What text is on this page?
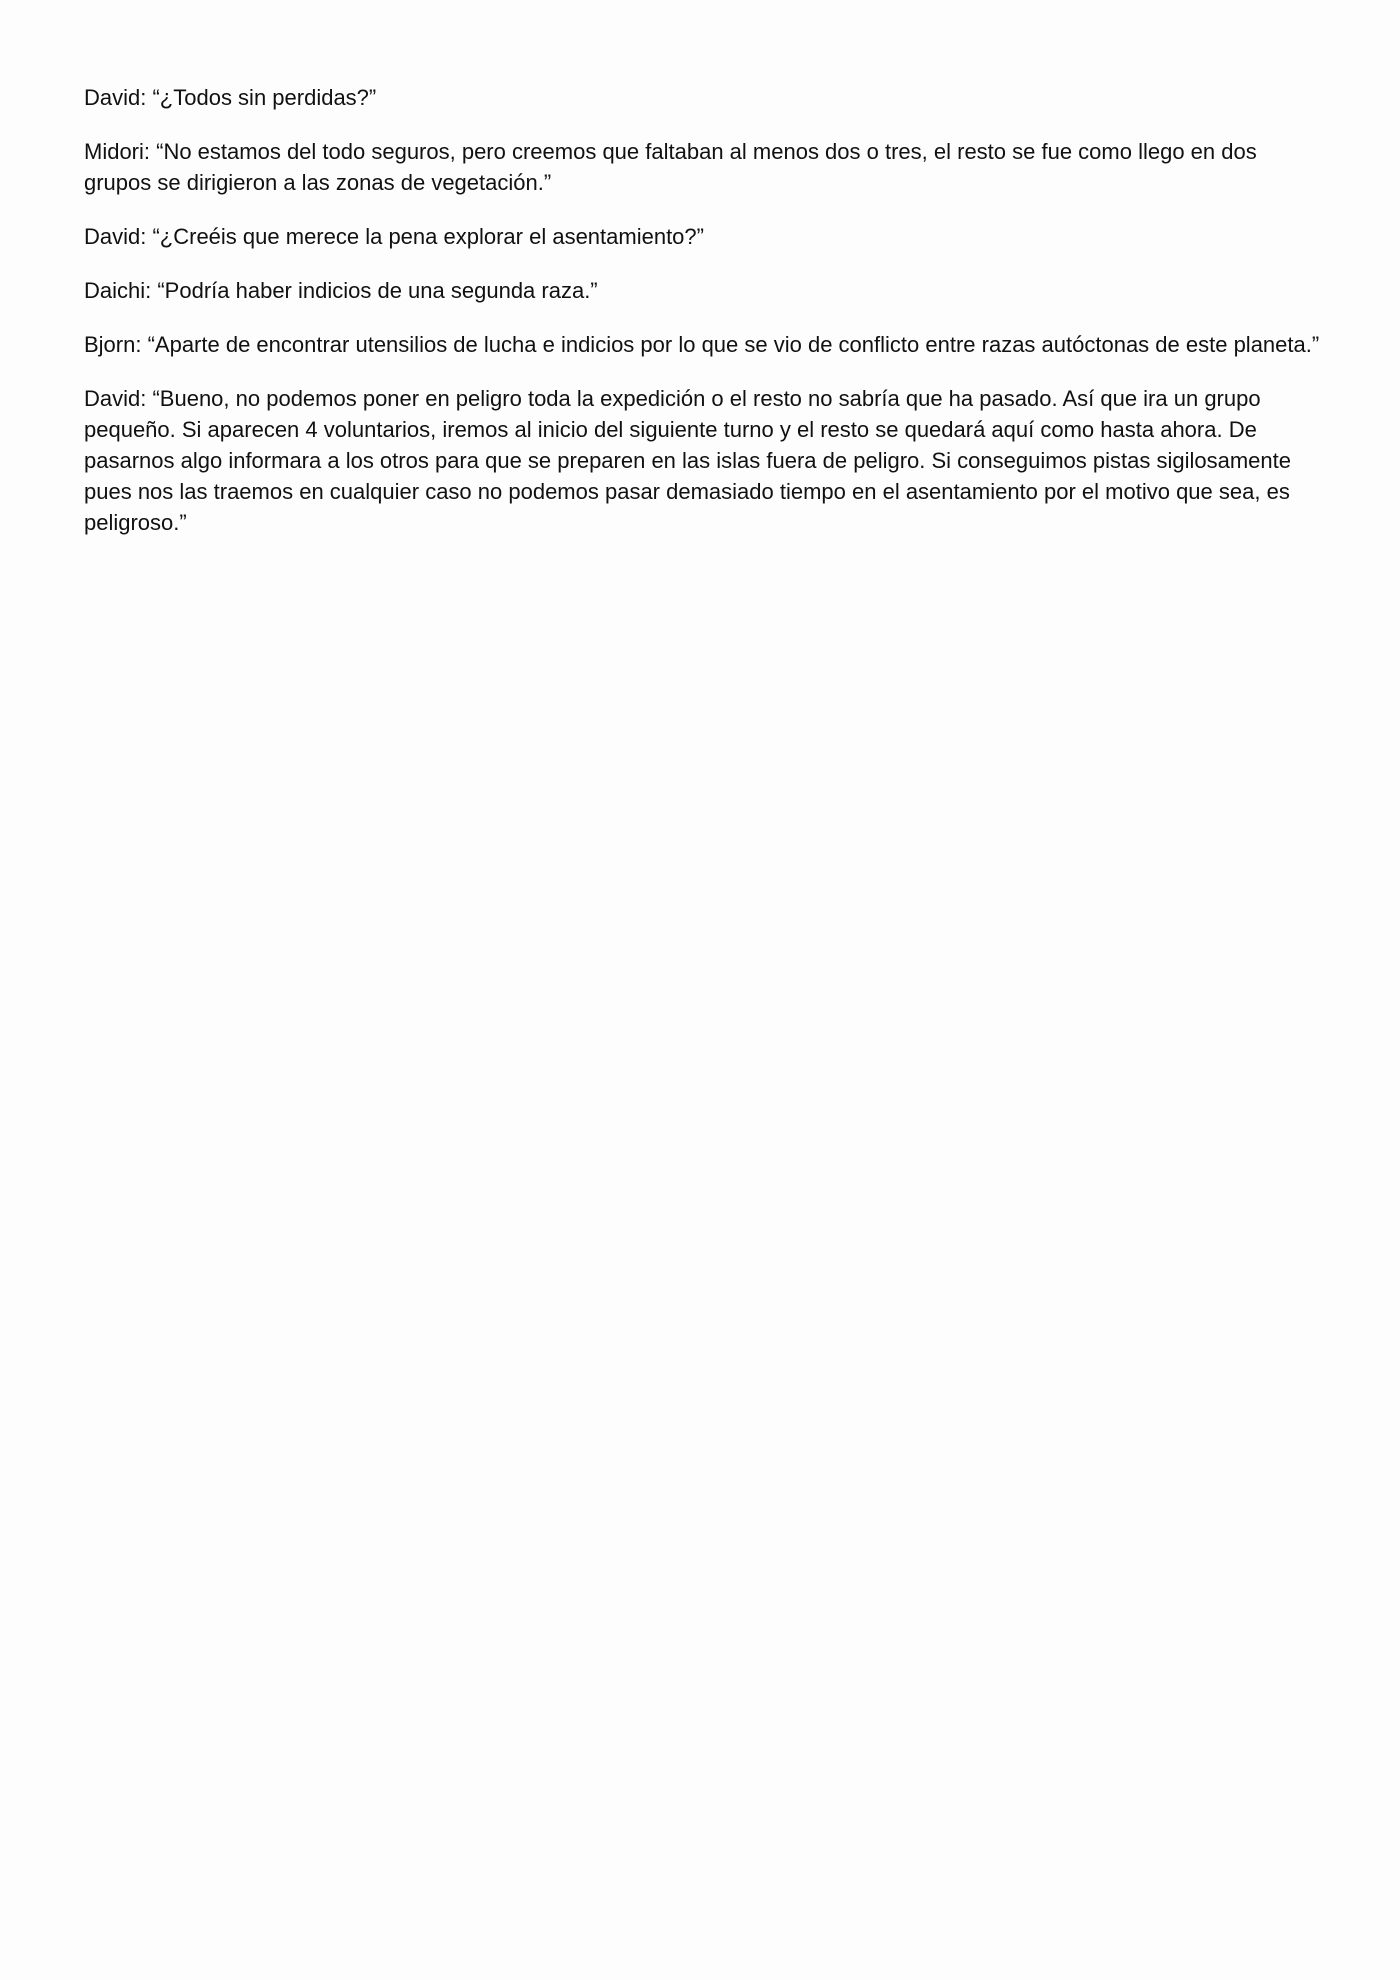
David: “¿Todos sin perdidas?”

Midori: “No estamos del todo seguros, pero creemos que faltaban al menos dos o tres, el resto se fue como llego en dos grupos se dirigieron a las zonas de vegetación.”

David: “¿Creéis que merece la pena explorar el asentamiento?”

Daichi: “Podría haber indicios de una segunda raza.”

Bjorn: “Aparte de encontrar utensilios de lucha e indicios por lo que se vio de conflicto entre razas autóctonas de este planeta.”

David: “Bueno, no podemos poner en peligro toda la expedición o el resto no sabría que ha pasado. Así que ira un grupo pequeño. Si aparecen 4 voluntarios, iremos al inicio del siguiente turno y el resto se quedará aquí como hasta ahora. De pasarnos algo informara a los otros para que se preparen en las islas fuera de peligro. Si conseguimos pistas sigilosamente pues nos las traemos en cualquier caso no podemos pasar demasiado tiempo en el asentamiento por el motivo que sea, es peligroso.”
